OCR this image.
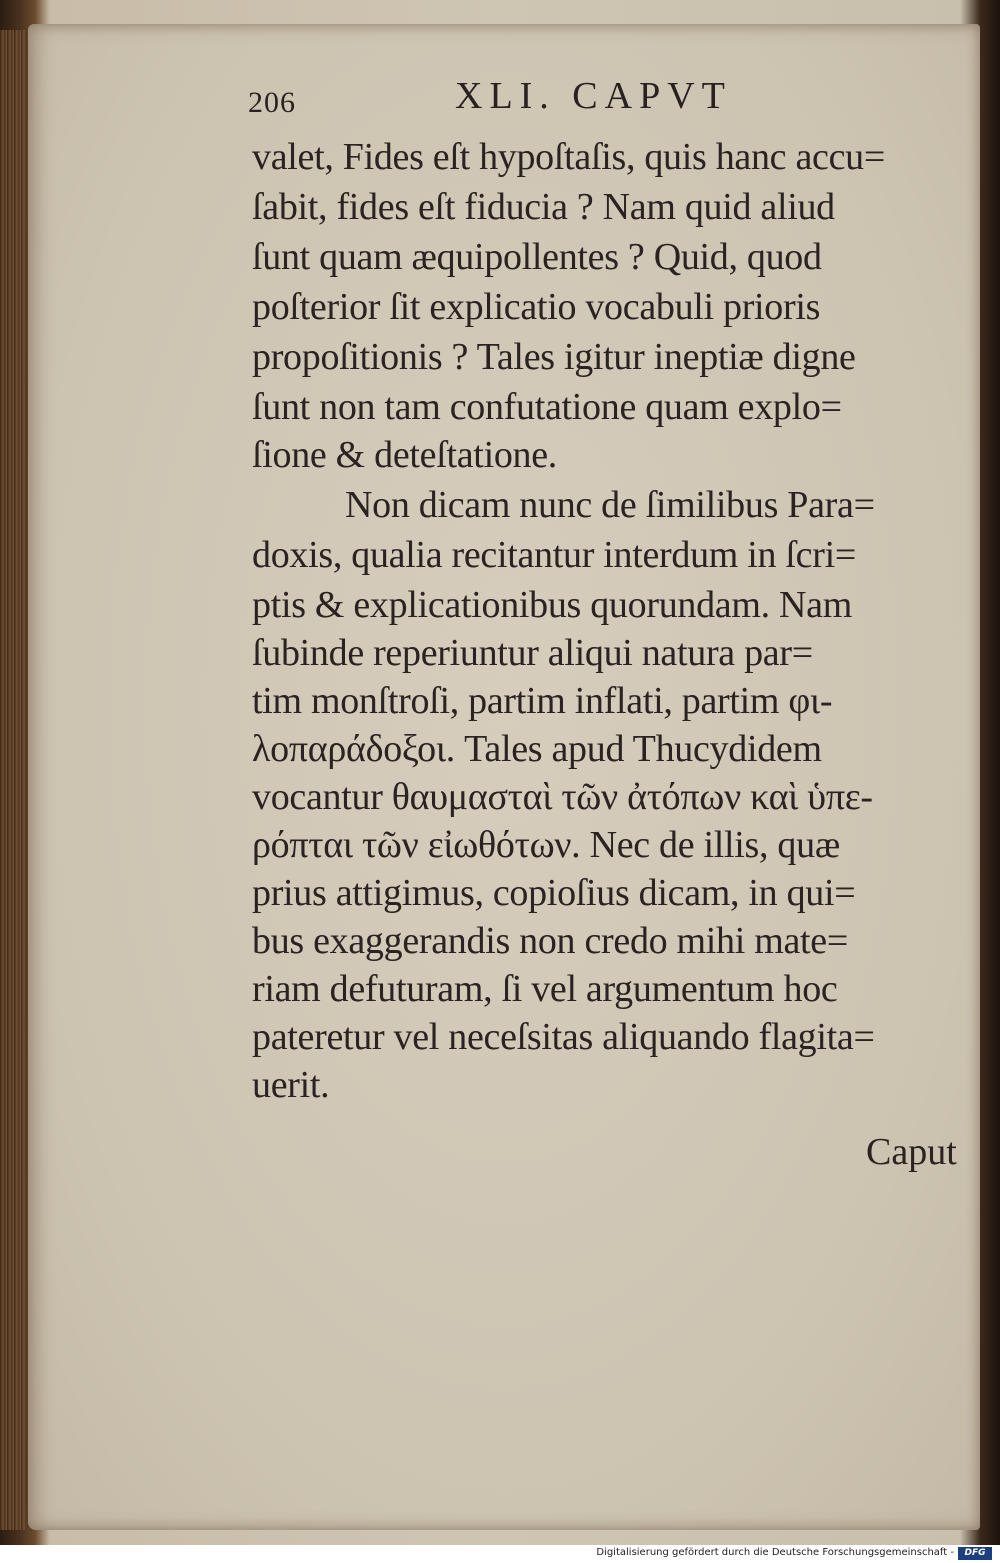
206	XLI. CAPVT
valet, Fides eſt hypoſtaſis, quis hanc accu=
ſabit, fides eſt fiducia ? Nam quid aliud
ſunt quam æquipollentes ? Quid, quod
poſterior ſit explicatio vocabuli prioris
propoſitionis ? Tales igitur ineptiæ digne
ſunt non tam confutatione quam explo=
ſione & deteſtatione.
Non dicam nunc de ſimilibus Para=
doxis, qualia recitantur interdum in ſcri=
ptis & explicationibus quorundam. Nam
ſubinde reperiuntur aliqui natura par=
tim monſtroſi, partim inflati, partim φι-
λοπαράδοξοι. Tales apud Thucydidem
vocantur θαυμασταὶ τῶν ἀτόπων καὶ ὑπε-
ρόπται τῶν εἰωθότων. Nec de illis, quæ
prius attigimus, copioſius dicam, in qui=
bus exaggerandis non credo mihi mate=
riam defuturam, ſi vel argumentum hoc
pateretur vel neceſsitas aliquando flagita=
uerit.
Caput
Digitalisierung gefördert durch die Deutsche Forschungsgemeinschaft -	DFG
